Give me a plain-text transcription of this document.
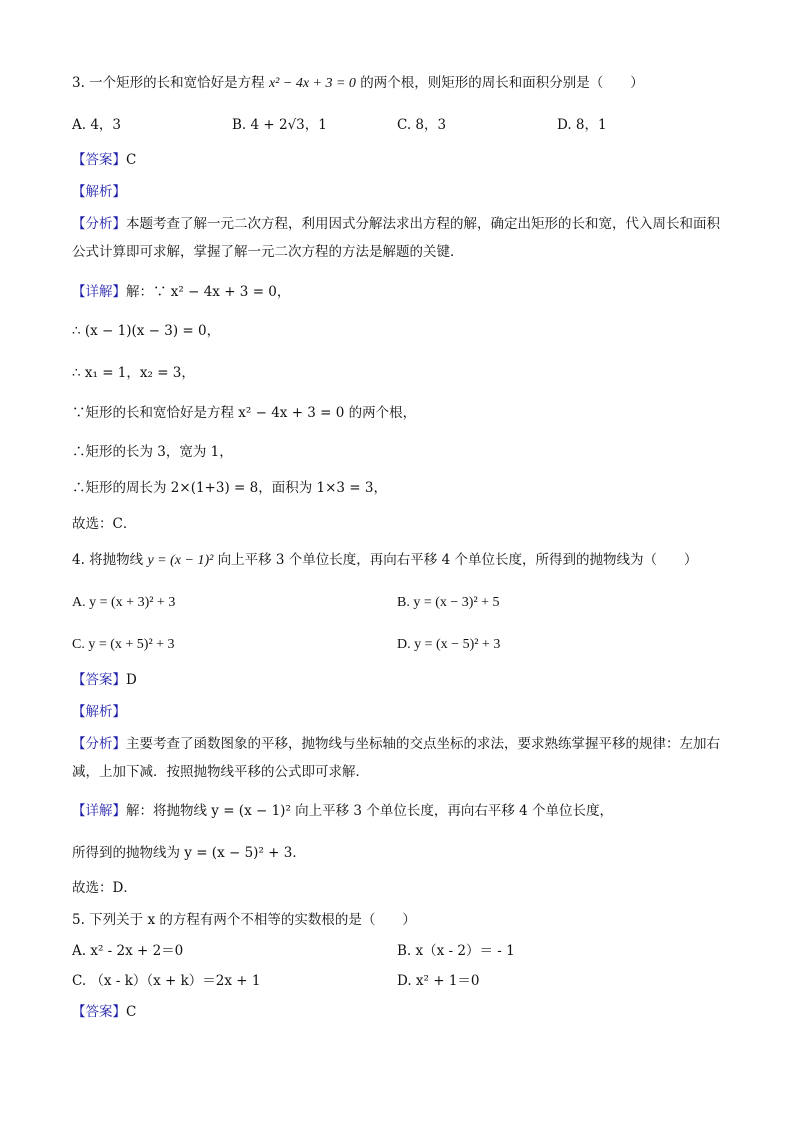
3. 一个矩形的长和宽恰好是方程 x² − 4x + 3 = 0 的两个根，则矩形的周长和面积分别是（　　）
A. 4，3	B. 4 + 2√3，1	C. 8，3	D. 8，1
【答案】C
【解析】
【分析】本题考查了解一元二次方程，利用因式分解法求出方程的解，确定出矩形的长和宽，代入周长和面积公式计算即可求解，掌握了解一元二次方程的方法是解题的关键．
【详解】解：∵ x² − 4x + 3 = 0，
∴ (x − 1)(x − 3) = 0，
∴ x₁ = 1，x₂ = 3，
∵矩形的长和宽恰好是方程 x² − 4x + 3 = 0 的两个根，
∴矩形的长为 3，宽为 1，
∴矩形的周长为 2×(1+3) = 8，面积为 1×3 = 3，
故选：C．
4. 将抛物线 y = (x − 1)² 向上平移 3 个单位长度，再向右平移 4 个单位长度，所得到的抛物线为（　　）
A. y = (x + 3)² + 3	B. y = (x − 3)² + 5
C. y = (x + 5)² + 3	D. y = (x − 5)² + 3
【答案】D
【解析】
【分析】主要考查了函数图象的平移，抛物线与坐标轴的交点坐标的求法，要求熟练掌握平移的规律：左加右减，上加下减．按照抛物线平移的公式即可求解．
【详解】解：将抛物线 y = (x − 1)² 向上平移 3 个单位长度，再向右平移 4 个单位长度，
所得到的抛物线为 y = (x − 5)² + 3．
故选：D．
5. 下列关于 x 的方程有两个不相等的实数根的是（　　）
A. x² - 2x + 2＝0	B. x（x - 2）＝ - 1
C. （x - k）（x + k）＝2x + 1	D. x² + 1＝0
【答案】C
